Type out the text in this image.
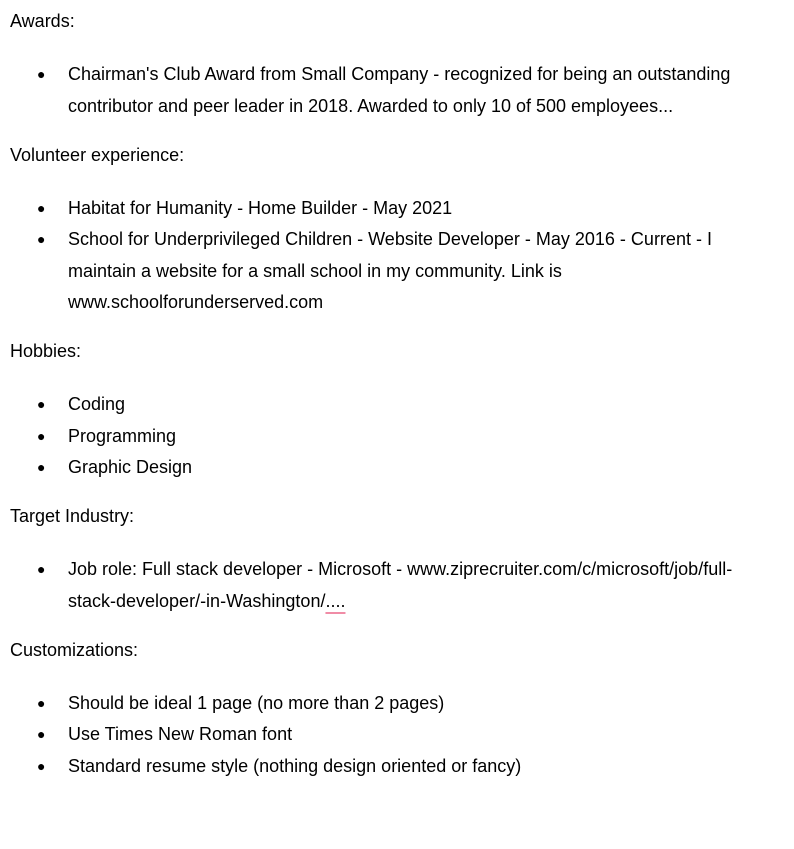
Awards:

● Chairman's Club Award from Small Company - recognized for being an outstanding contributor and peer leader in 2018. Awarded to only 10 of 500 employees...

Volunteer experience:

● Habitat for Humanity - Home Builder - May 2021
● School for Underprivileged Children - Website Developer - May 2016 - Current - I maintain a website for a small school in my community. Link is www.schoolforunderserved.com

Hobbies:

● Coding
● Programming
● Graphic Design

Target Industry:

● Job role: Full stack developer - Microsoft - www.ziprecruiter.com/c/microsoft/job/full-stack-developer/-in-Washington/....

Customizations:

● Should be ideal 1 page (no more than 2 pages)
● Use Times New Roman font
● Standard resume style (nothing design oriented or fancy)
